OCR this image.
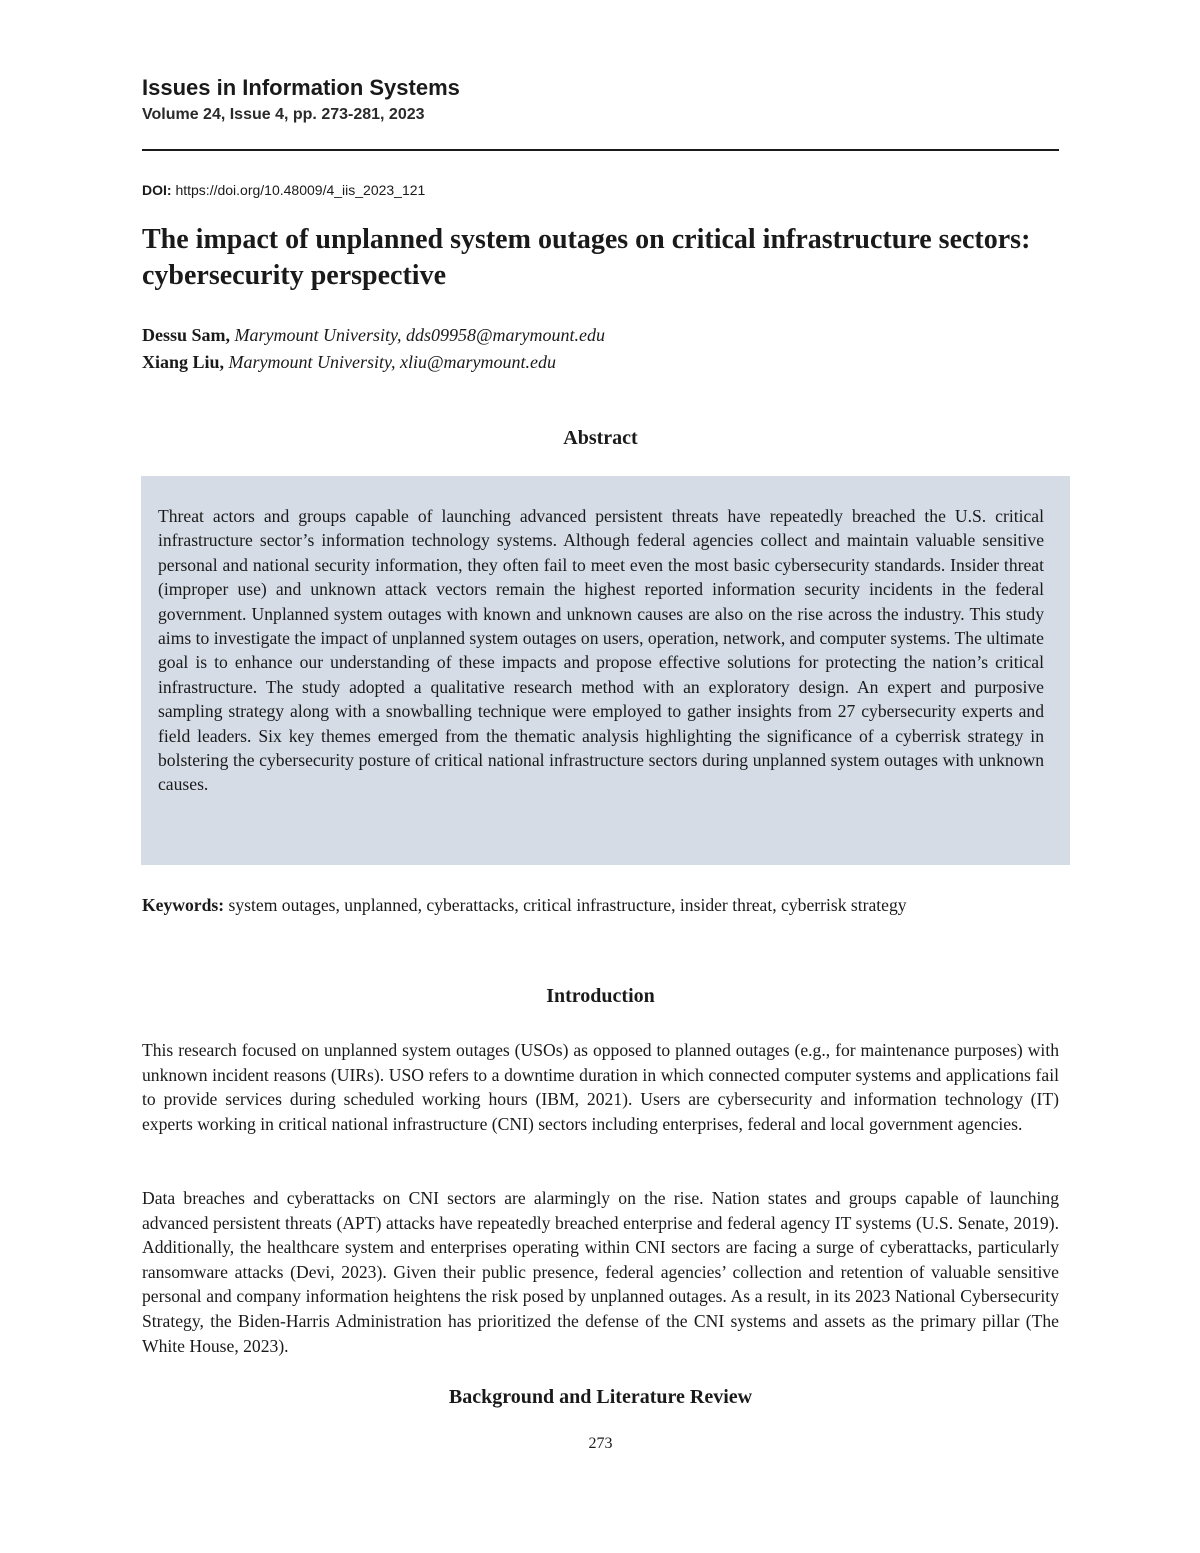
Issues in Information Systems
Volume 24, Issue 4, pp. 273-281, 2023
DOI: https://doi.org/10.48009/4_iis_2023_121
The impact of unplanned system outages on critical infrastructure sectors: cybersecurity perspective
Dessu Sam, Marymount University, dds09958@marymount.edu
Xiang Liu, Marymount University, xliu@marymount.edu
Abstract

Threat actors and groups capable of launching advanced persistent threats have repeatedly breached the U.S. critical infrastructure sector’s information technology systems. Although federal agencies collect and maintain valuable sensitive personal and national security information, they often fail to meet even the most basic cybersecurity standards. Insider threat (improper use) and unknown attack vectors remain the highest reported information security incidents in the federal government. Unplanned system outages with known and unknown causes are also on the rise across the industry. This study aims to investigate the impact of unplanned system outages on users, operation, network, and computer systems. The ultimate goal is to enhance our understanding of these impacts and propose effective solutions for protecting the nation’s critical infrastructure. The study adopted a qualitative research method with an exploratory design. An expert and purposive sampling strategy along with a snowballing technique were employed to gather insights from 27 cybersecurity experts and field leaders. Six key themes emerged from the thematic analysis highlighting the significance of a cyberrisk strategy in bolstering the cybersecurity posture of critical national infrastructure sectors during unplanned system outages with unknown causes.

Keywords: system outages, unplanned, cyberattacks, critical infrastructure, insider threat, cyberrisk strategy

Introduction

This research focused on unplanned system outages (USOs) as opposed to planned outages (e.g., for maintenance purposes) with unknown incident reasons (UIRs). USO refers to a downtime duration in which connected computer systems and applications fail to provide services during scheduled working hours (IBM, 2021). Users are cybersecurity and information technology (IT) experts working in critical national infrastructure (CNI) sectors including enterprises, federal and local government agencies.

Data breaches and cyberattacks on CNI sectors are alarmingly on the rise. Nation states and groups capable of launching advanced persistent threats (APT) attacks have repeatedly breached enterprise and federal agency IT systems (U.S. Senate, 2019). Additionally, the healthcare system and enterprises operating within CNI sectors are facing a surge of cyberattacks, particularly ransomware attacks (Devi, 2023). Given their public presence, federal agencies’ collection and retention of valuable sensitive personal and company information heightens the risk posed by unplanned outages. As a result, in its 2023 National Cybersecurity Strategy, the Biden-Harris Administration has prioritized the defense of the CNI systems and assets as the primary pillar (The White House, 2023).

Background and Literature Review
273
